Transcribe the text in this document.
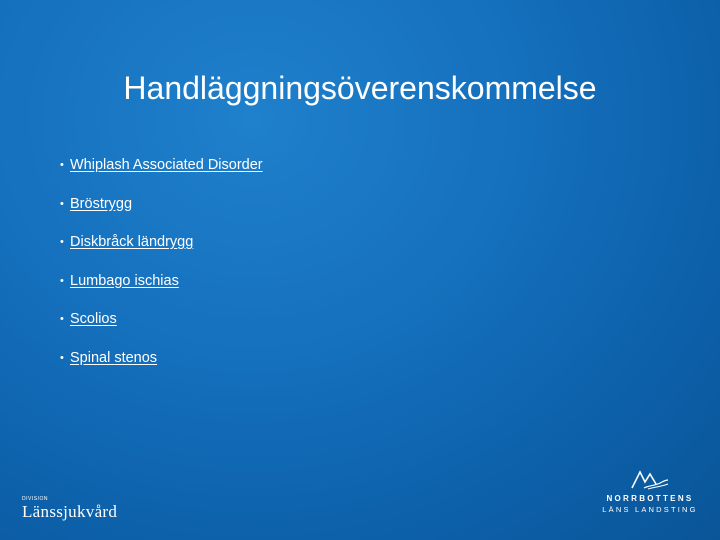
Handläggningsöverenskommelse
• Whiplash Associated Disorder
• Bröstrygg
• Diskbråck ländrygg
• Lumbago ischias
• Scolios
• Spinal stenos
DIVISION
Länssjukvård
NORRBOTTENS
LÄNS LANDSTING
